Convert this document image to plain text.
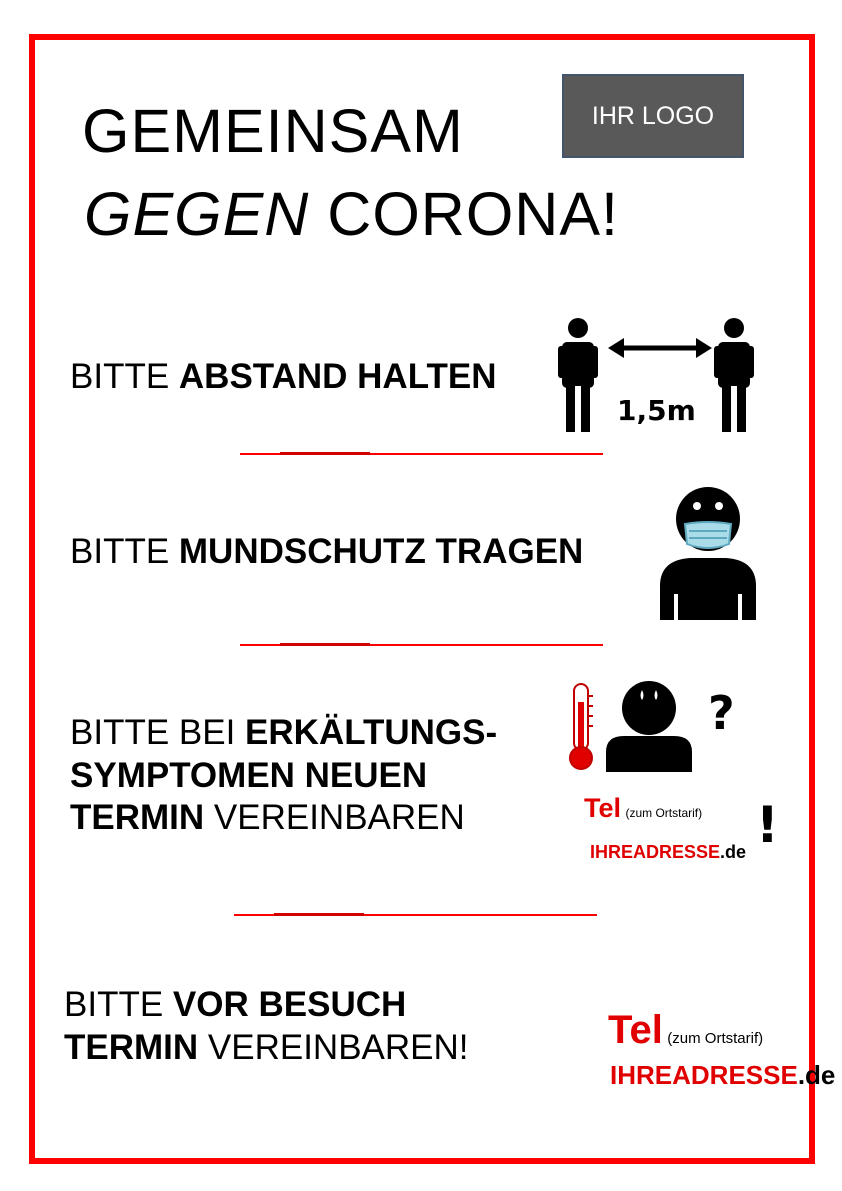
GEMEINSAM
GEGEN CORONA!
IHR LOGO
BITTE ABSTAND HALTEN
1,5m
BITTE MUNDSCHUTZ TRAGEN
BITTE BEI ERKÄLTUNGS-
SYMPTOMEN NEUEN
TERMIN VEREINBAREN
?
!
Tel (zum Ortstarif)
IHREADRESSE.de
BITTE VOR BESUCH
TERMIN VEREINBAREN!	Tel (zum Ortstarif)
IHREADRESSE.de
